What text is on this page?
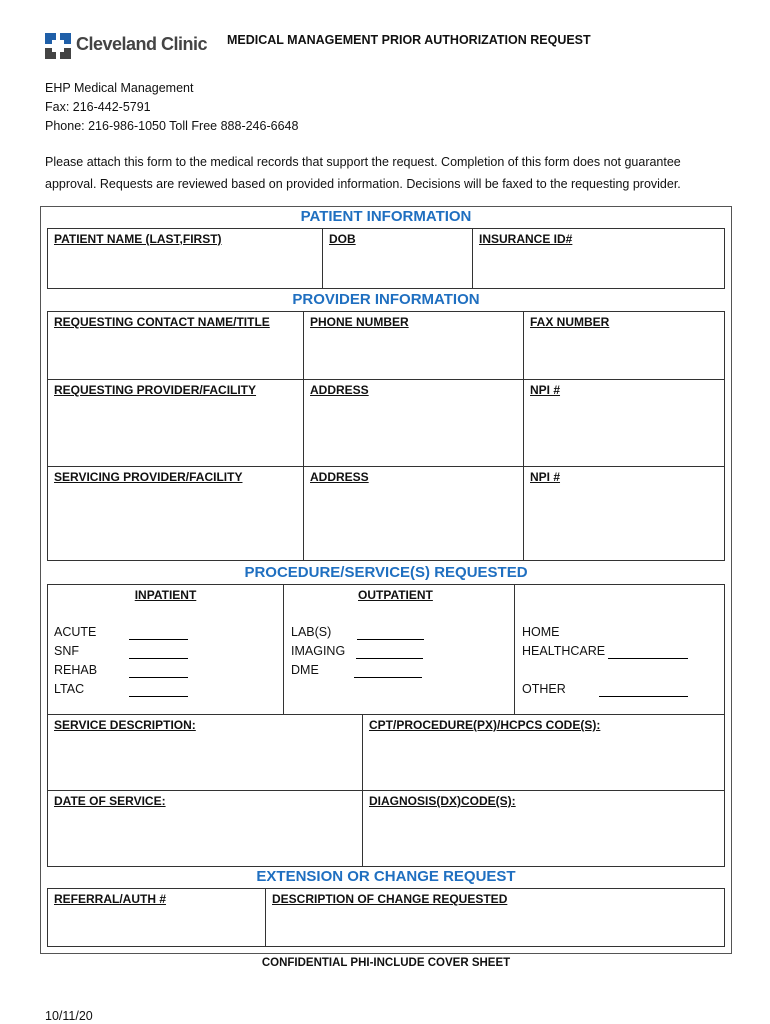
Cleveland Clinic MEDICAL MANAGEMENT PRIOR AUTHORIZATION REQUEST
EHP Medical Management
Fax: 216-442-5791
Phone: 216-986-1050 Toll Free 888-246-6648
Please attach this form to the medical records that support the request. Completion of this form does not guarantee
approval. Requests are reviewed based on provided information. Decisions will be faxed to the requesting provider.
PATIENT INFORMATION
PATIENT NAME (LAST,FIRST)	DOB	INSURANCE ID#
PROVIDER INFORMATION
REQUESTING CONTACT NAME/TITLE	PHONE NUMBER	FAX NUMBER
REQUESTING PROVIDER/FACILITY	ADDRESS	NPI #
SERVICING PROVIDER/FACILITY	ADDRESS	NPI #
PROCEDURE/SERVICE(S) REQUESTED
INPATIENT
ACUTE
SNF
REHAB
LTAC
OUTPATIENT
LAB(S)
IMAGING
DME
HOME
HEALTHCARE
OTHER
SERVICE DESCRIPTION:	CPT/PROCEDURE(PX)/HCPCS CODE(S):
DATE OF SERVICE:	DIAGNOSIS(DX)CODE(S):
EXTENSION OR CHANGE REQUEST
REFERRAL/AUTH #	DESCRIPTION OF CHANGE REQUESTED
CONFIDENTIAL PHI-INCLUDE COVER SHEET
10/11/20
